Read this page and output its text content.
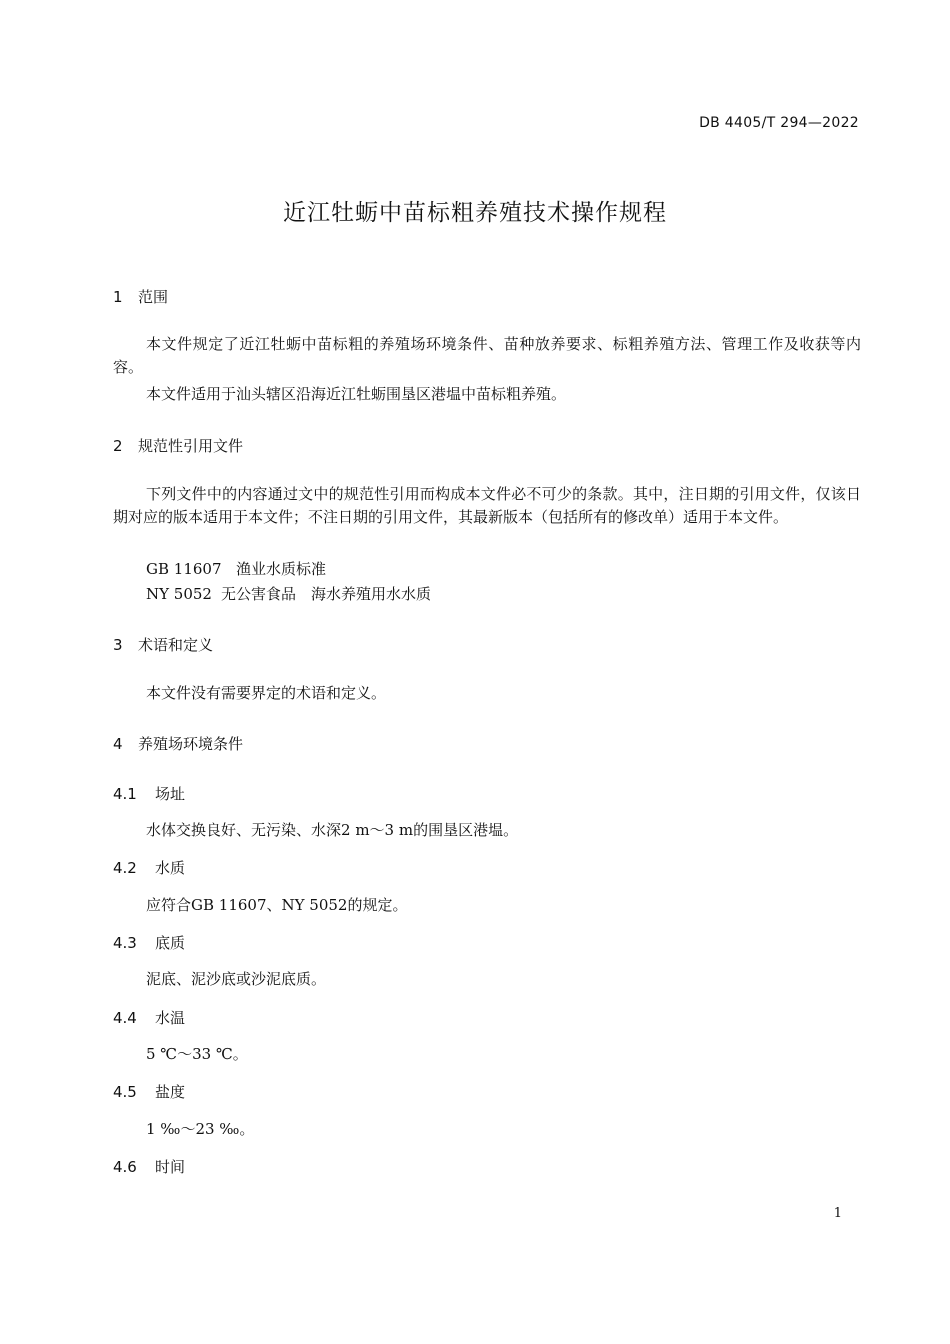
DB 4405/T 294—2022
近江牡蛎中苗标粗养殖技术操作规程
1 范围
本文件规定了近江牡蛎中苗标粗的养殖场环境条件、苗种放养要求、标粗养殖方法、管理工作及收获等内容。
本文件适用于汕头辖区沿海近江牡蛎围垦区港塭中苗标粗养殖。
2 规范性引用文件
下列文件中的内容通过文中的规范性引用而构成本文件必不可少的条款。其中，注日期的引用文件，仅该日期对应的版本适用于本文件；不注日期的引用文件，其最新版本（包括所有的修改单）适用于本文件。
GB 11607 渔业水质标准
NY 5052 无公害食品　海水养殖用水水质
3 术语和定义
本文件没有需要界定的术语和定义。
4 养殖场环境条件
4.1 场址
水体交换良好、无污染、水深2 m～3 m的围垦区港塭。
4.2 水质
应符合GB 11607、NY 5052的规定。
4.3 底质
泥底、泥沙底或沙泥底质。
4.4 水温
5 ℃～33 ℃。
4.5 盐度
1 ‰～23 ‰。
4.6 时间
1
